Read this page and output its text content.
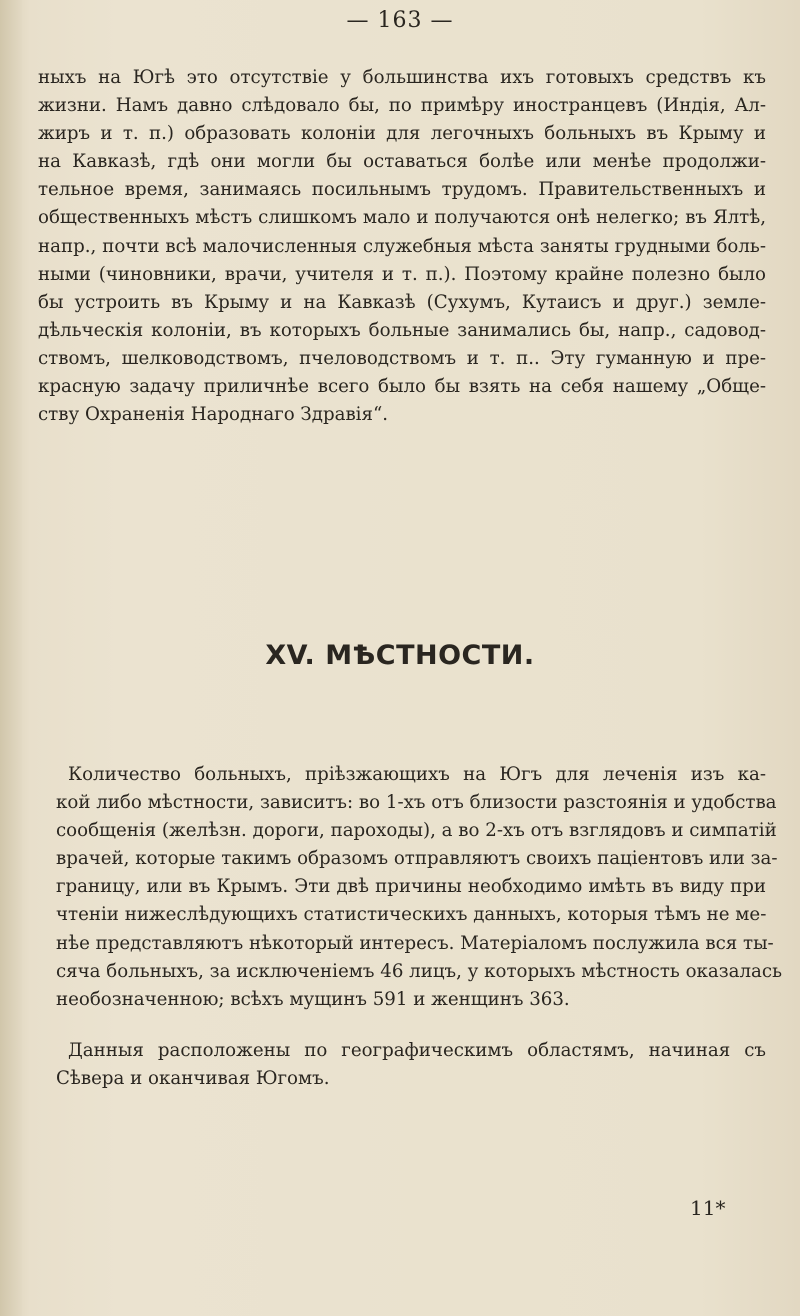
— 163 —
ныхъ на Югѣ это отсутствіе у большинства ихъ готовыхъ средствъ къ
жизни. Намъ давно слѣдовало бы, по примѣру иностранцевъ (Индія, Ал-
жиръ и т. п.) образовать колоніи для легочныхъ больныхъ въ Крыму и
на Кавказѣ, гдѣ они могли бы оставаться болѣе или менѣе продолжи-
тельное время, занимаясь посильнымъ трудомъ. Правительственныхъ и
общественныхъ мѣстъ слишкомъ мало и получаются онѣ нелегко; въ Ялтѣ,
напр., почти всѣ малочисленныя служебныя мѣста заняты грудными боль-
ными (чиновники, врачи, учителя и т. п.). Поэтому крайне полезно было
бы устроить въ Крыму и на Кавказѣ (Сухумъ, Кутаисъ и друг.) земле-
дѣльческія колоніи, въ которыхъ больные занимались бы, напр., садовод-
ствомъ, шелководствомъ, пчеловодствомъ и т. п.. Эту гуманную и пре-
красную задачу приличнѣе всего было бы взять на себя нашему „Обще-
ству Охраненія Народнаго Здравія“.
XV. МѢСТНОСТИ.
Количество больныхъ, пріѣзжающихъ на Югъ для леченія изъ ка-
кой либо мѣстности, зависитъ: во 1-хъ отъ близости разстоянія и удобства
сообщенія (желѣзн. дороги, пароходы), а во 2-хъ отъ взглядовъ и симпатій
врачей, которые такимъ образомъ отправляютъ своихъ паціентовъ или за-
границу, или въ Крымъ. Эти двѣ причины необходимо имѣть въ виду при
чтеніи нижеслѣдующихъ статистическихъ данныхъ, которыя тѣмъ не ме-
нѣе представляютъ нѣкоторый интересъ. Матеріаломъ послужила вся ты-
сяча больныхъ, за исключеніемъ 46 лицъ, у которыхъ мѣстность оказалась
необозначенною; всѣхъ мущинъ 591 и женщинъ 363.
Данныя расположены по географическимъ областямъ, начиная съ
Сѣвера и оканчивая Югомъ.
11*
